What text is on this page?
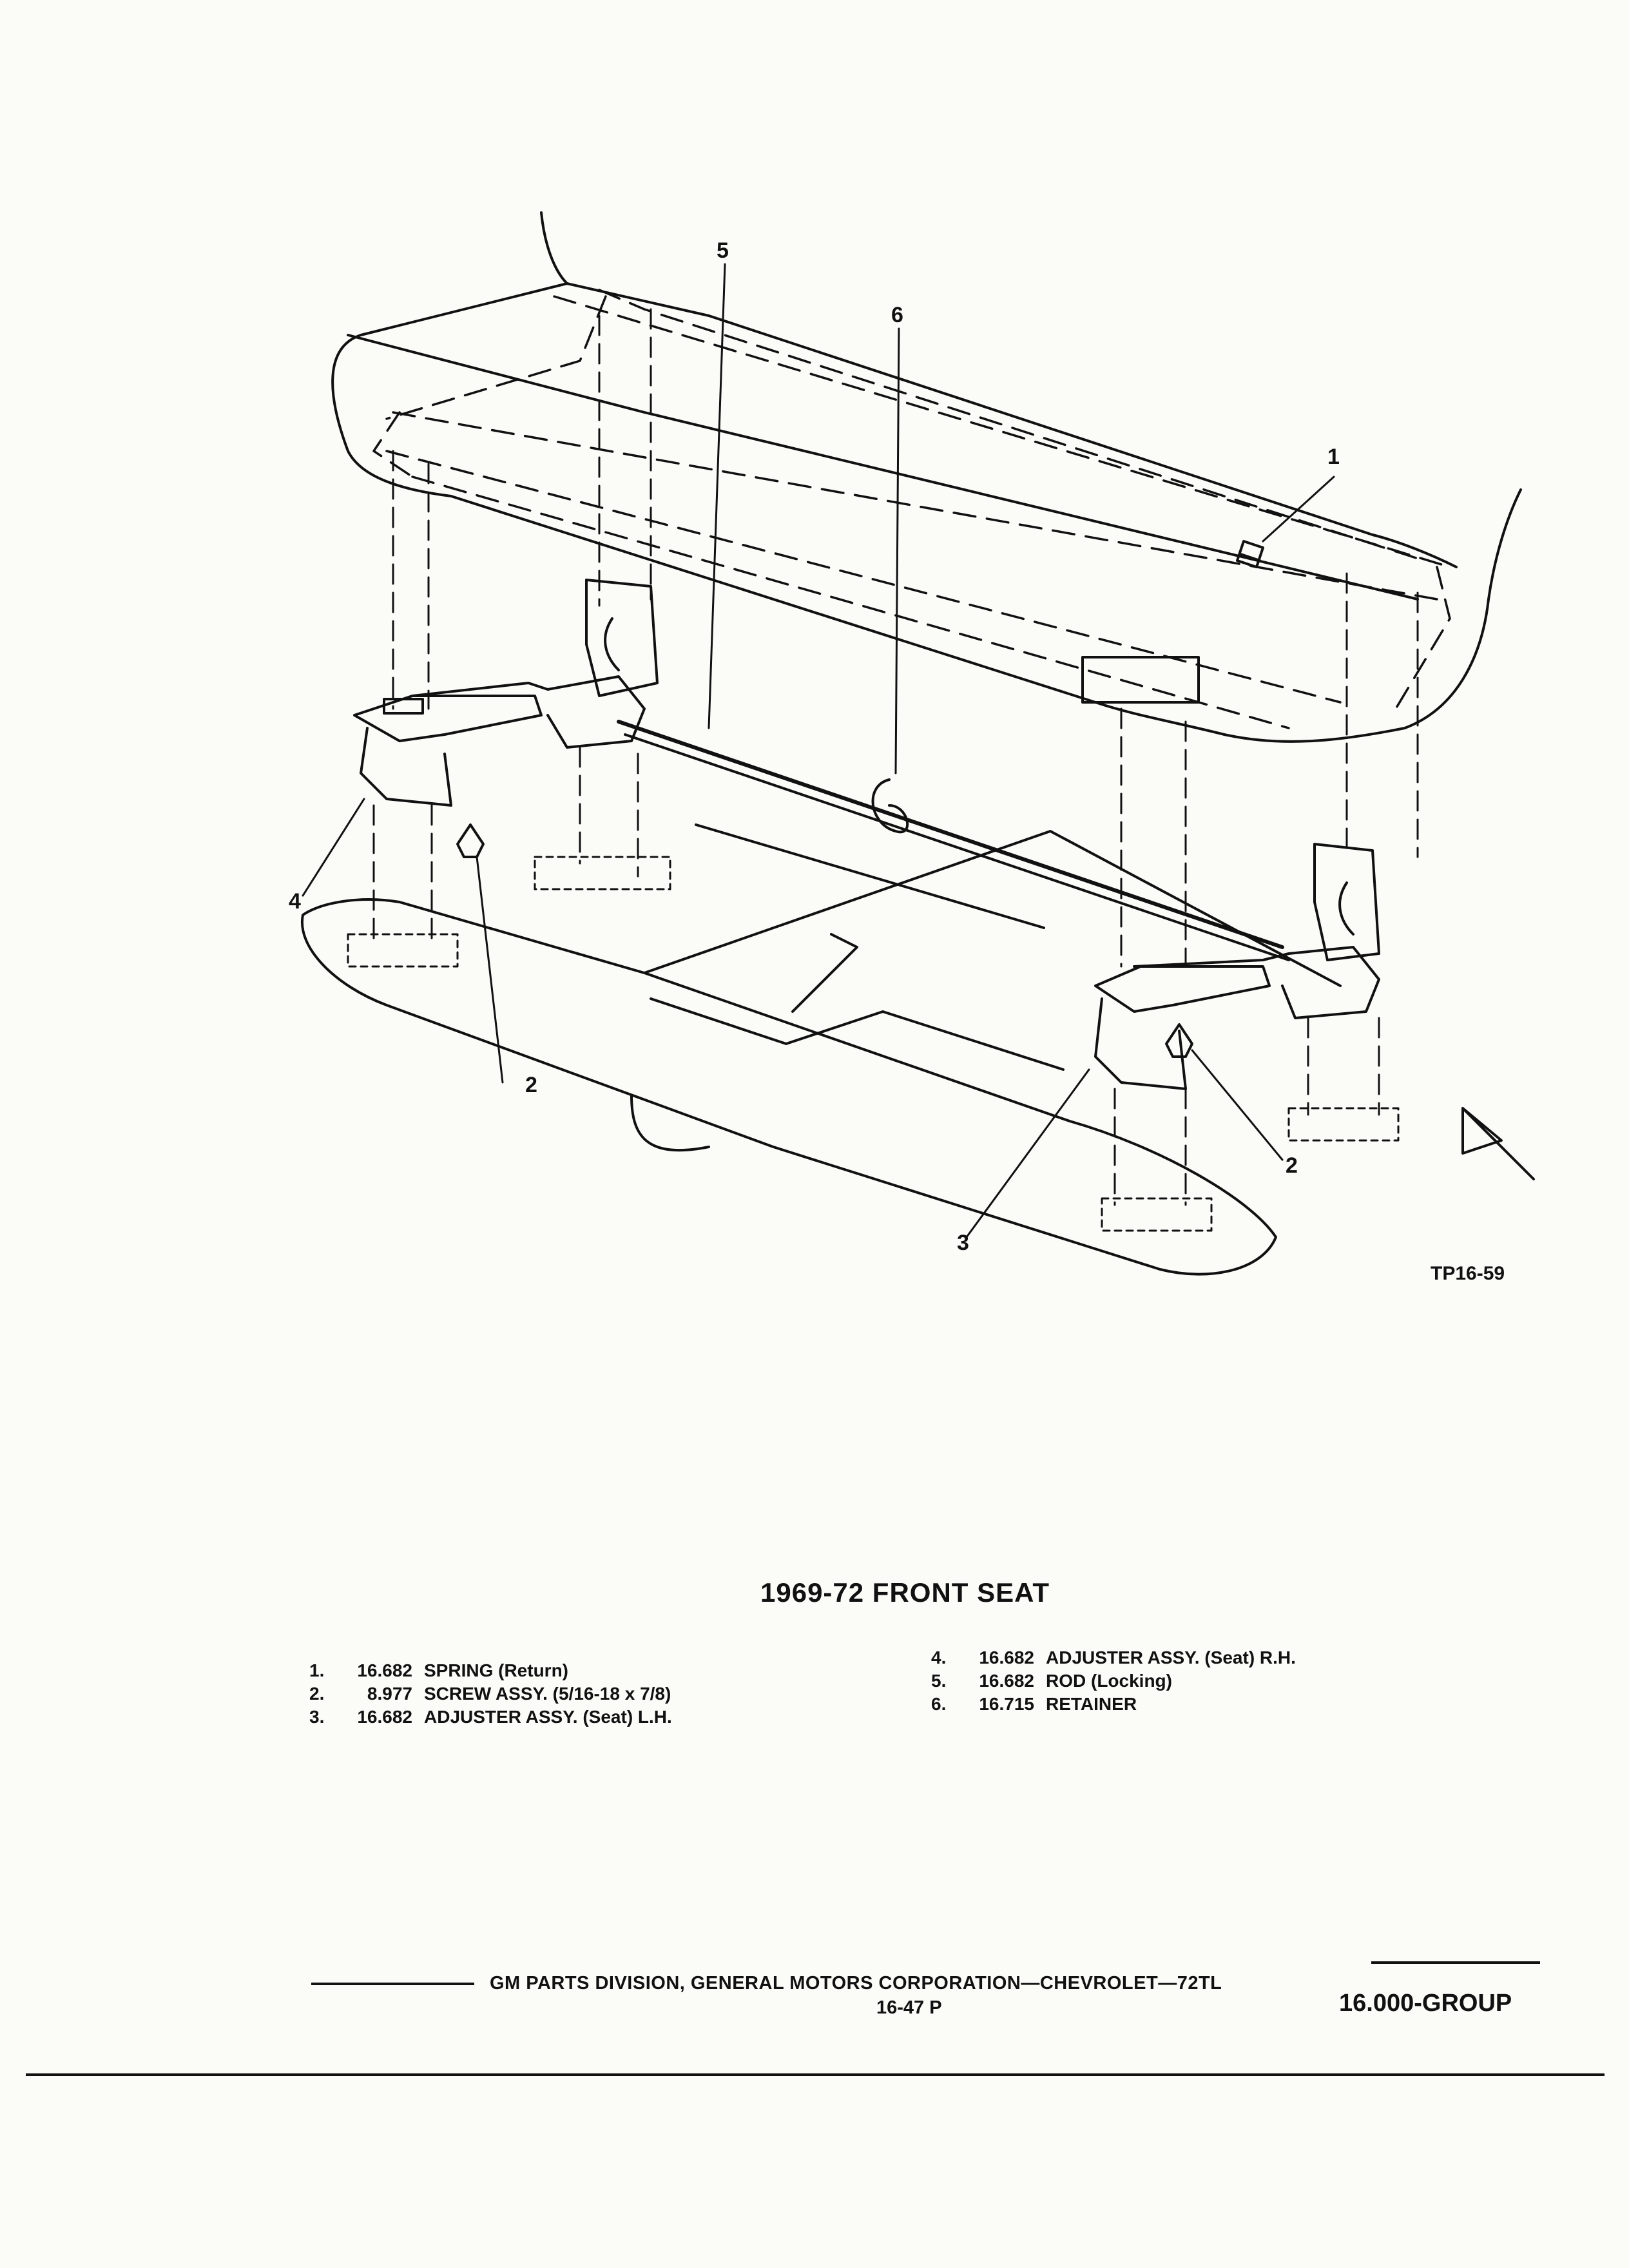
1
2
2
3
4
5
6
TP16-59
1969-72 FRONT SEAT
1.	16.682 SPRING (Return)
2.	8.977 SCREW ASSY. (5/16-18 x 7/8)
3.	16.682 ADJUSTER ASSY. (Seat) L.H.
4.	16.682 ADJUSTER ASSY. (Seat) R.H.
5.	16.682 ROD (Locking)
6.	16.715 RETAINER
GM PARTS DIVISION, GENERAL MOTORS CORPORATION—CHEVROLET—72TL
16-47 P	16.000-GROUP
